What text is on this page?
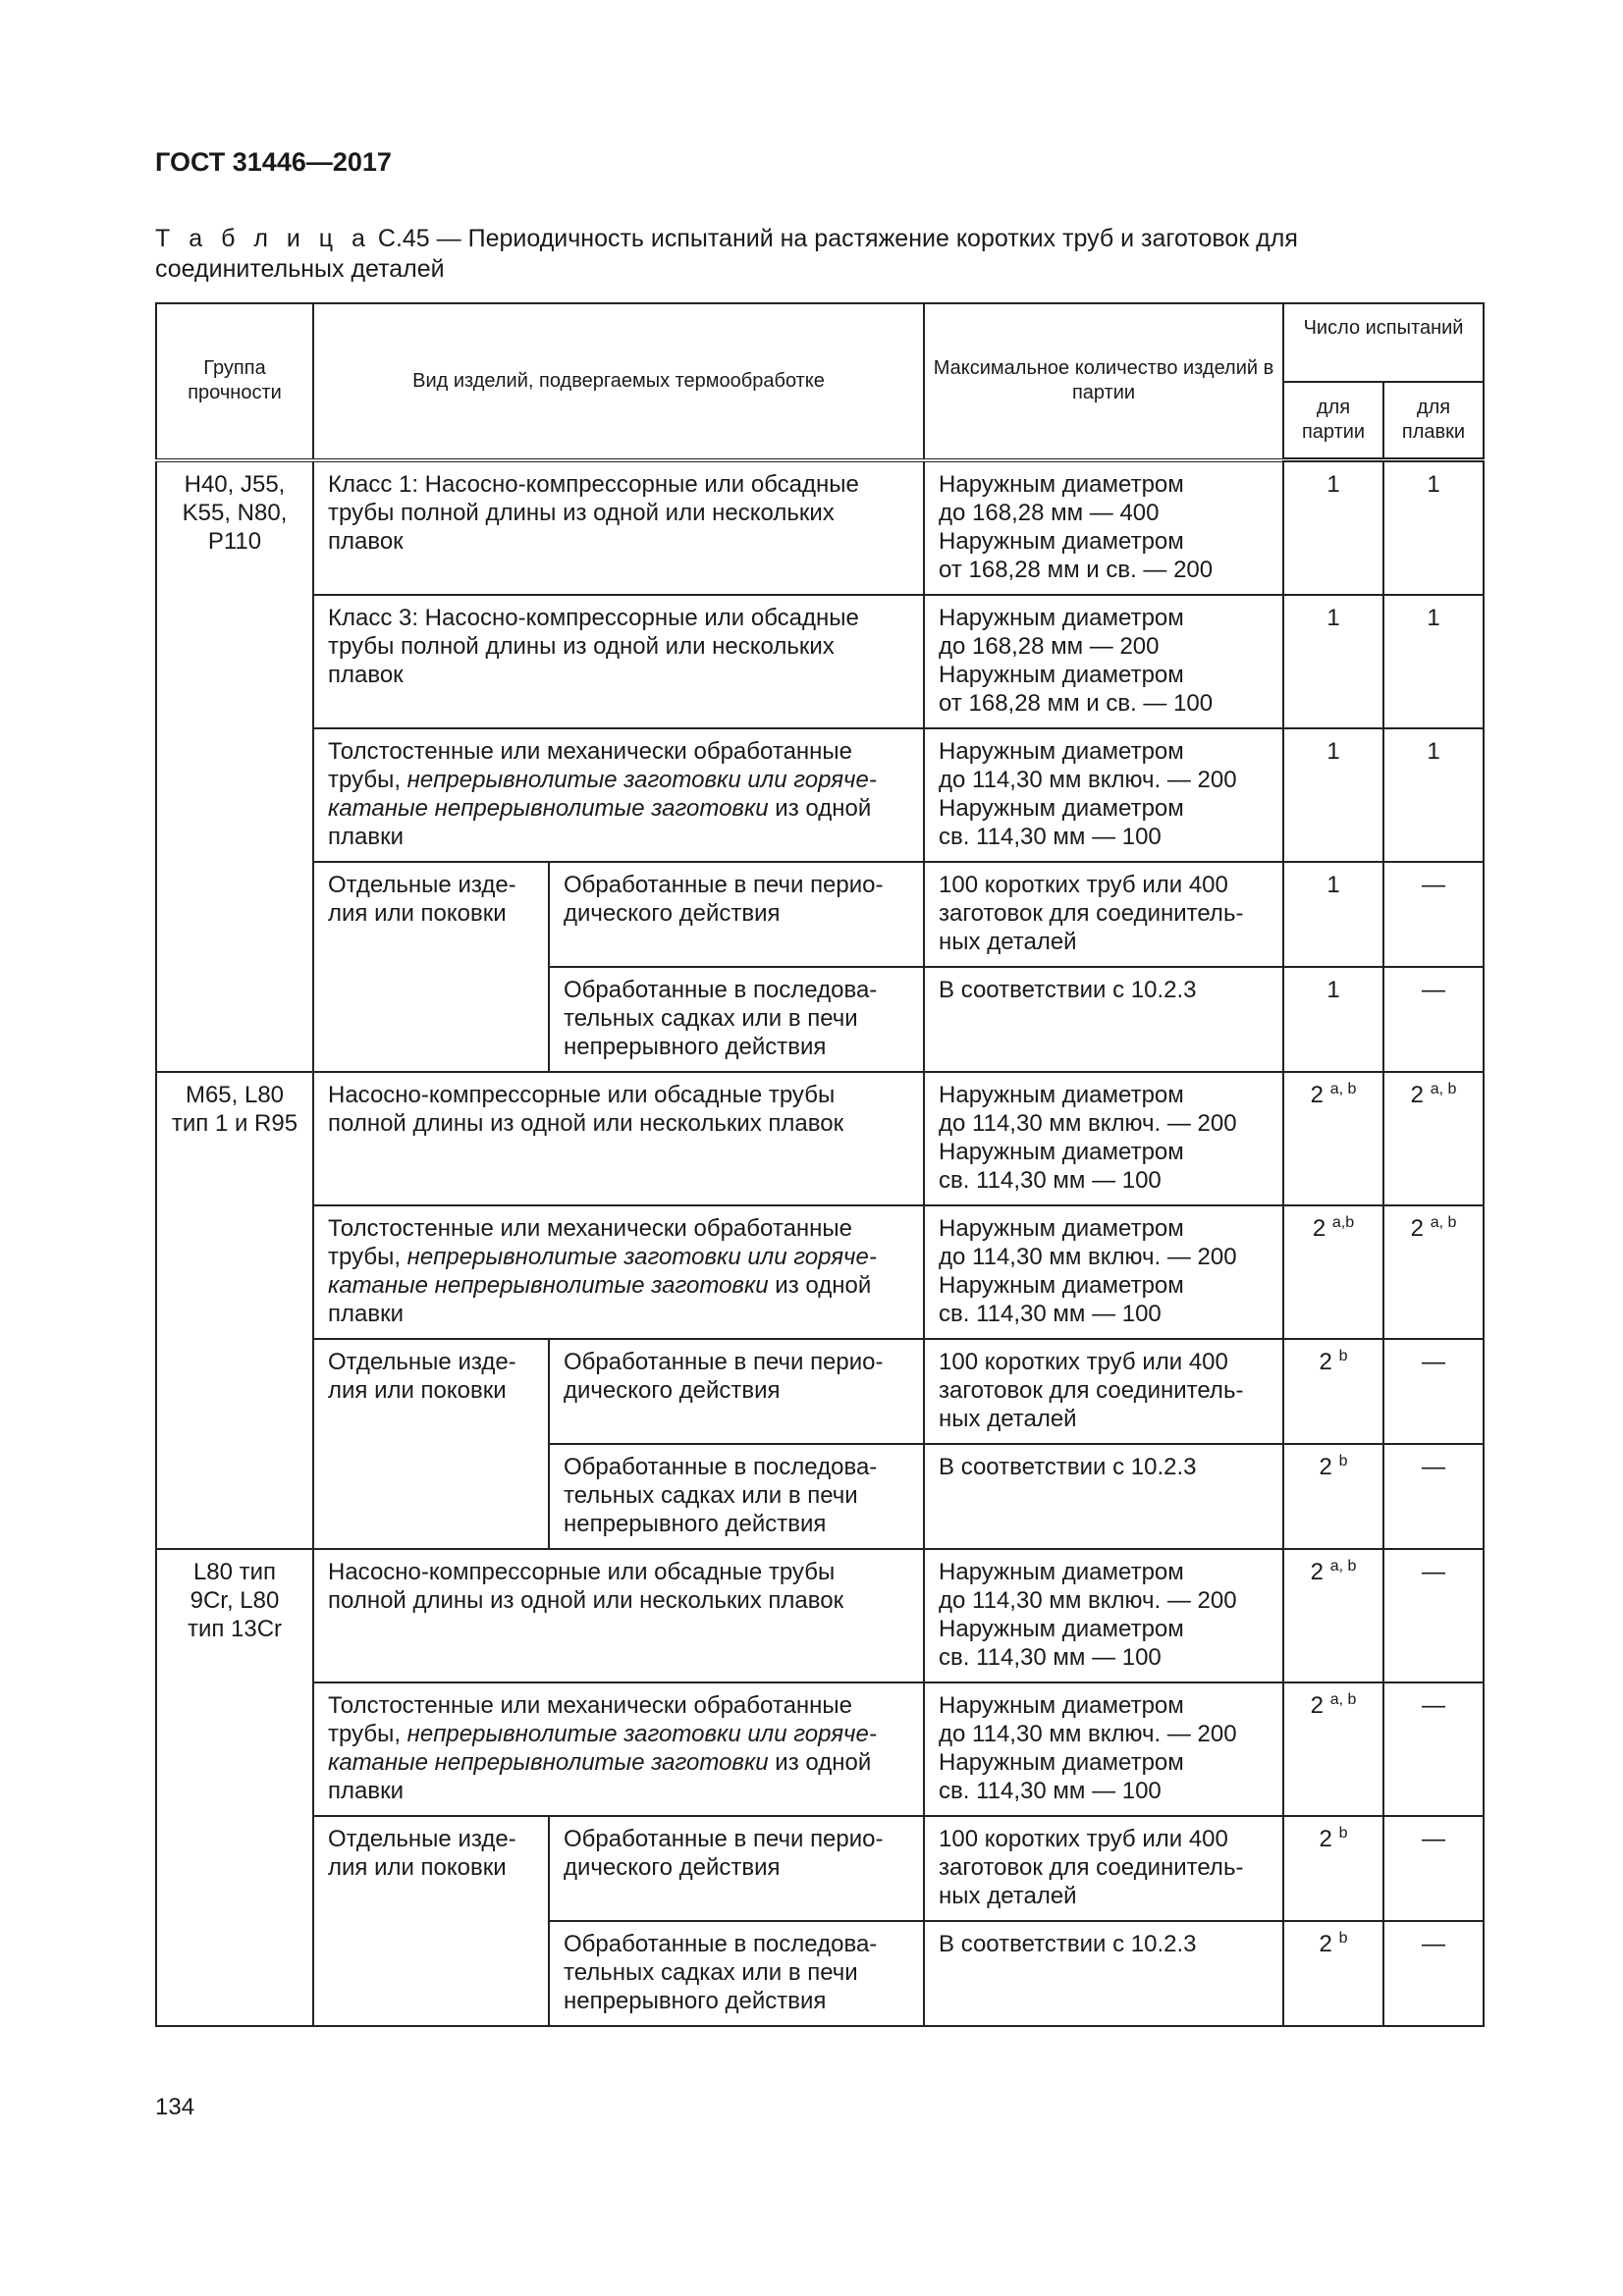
ГОСТ 31446—2017
Т а б л и ц а С.45 — Периодичность испытаний на растяжение коротких труб и заготовок для соединительных деталей
Группа прочности	Вид изделий, подвергаемых термообработке		Максимальное количество изделий в партии	Число испытаний	
				для партии	для плавки
H40, J55, K55, N80, P110	Класс 1: Насосно-компрессорные или обсадные трубы полной длины из одной или нескольких плавок		Наружным диаметром
до 168,28 мм — 400
Наружным диаметром
от 168,28 мм и св. — 200	1	1
	Класс 3: Насосно-компрессорные или обсадные трубы полной длины из одной или нескольких плавок		Наружным диаметром
до 168,28 мм — 200
Наружным диаметром
от 168,28 мм и св. — 100	1	1
	Толстостенные или механически обработанные трубы, непрерывнолитые заготовки или горяче-катаные непрерывнолитые заготовки из одной плавки		Наружным диаметром
до 114,30 мм включ. — 200
Наружным диаметром
св. 114,30 мм — 100	1	1
	Отдельные изде-лия или поковки	Обработанные в печи перио-дического действия	100 коротких труб или 400 заготовок для соединитель-ных деталей	1	—
		Обработанные в последова-тельных садках или в печи непрерывного действия	В соответствии с 10.2.3	1	—
M65, L80 тип 1 и R95	Насосно-компрессорные или обсадные трубы полной длины из одной или нескольких плавок		Наружным диаметром
до 114,30 мм включ. — 200
Наружным диаметром
св. 114,30 мм — 100	2 $^{a, b}$	2 $^{a, b}$
	Толстостенные или механически обработанные трубы, непрерывнолитые заготовки или горяче-катаные непрерывнолитые заготовки из одной плавки		Наружным диаметром
до 114,30 мм включ. — 200
Наружным диаметром
св. 114,30 мм — 100	2 $^{a,b}$	2 $^{a, b}$
	Отдельные изде-лия или поковки	Обработанные в печи перио-дического действия	100 коротких труб или 400 заготовок для соединитель-ных деталей	2 $^b$	—
		Обработанные в последова-тельных садках или в печи непрерывного действия	В соответствии с 10.2.3	2 $^b$	—
L80 тип 9Cr, L80 тип 13Cr	Насосно-компрессорные или обсадные трубы полной длины из одной или нескольких плавок		Наружным диаметром
до 114,30 мм включ. — 200
Наружным диаметром
св. 114,30 мм — 100	2 $^{a, b}$	—
	Толстостенные или механически обработанные трубы, непрерывнолитые заготовки или горяче-катаные непрерывнолитые заготовки из одной плавки		Наружным диаметром
до 114,30 мм включ. — 200
Наружным диаметром
св. 114,30 мм — 100	2 $^{a, b}$	—
	Отдельные изде-лия или поковки	Обработанные в печи перио-дического действия	100 коротких труб или 400 заготовок для соединитель-ных деталей	2 $^b$	—
		Обработанные в последова-тельных садках или в печи непрерывного действия	В соответствии с 10.2.3	2 $^b$	—
134
